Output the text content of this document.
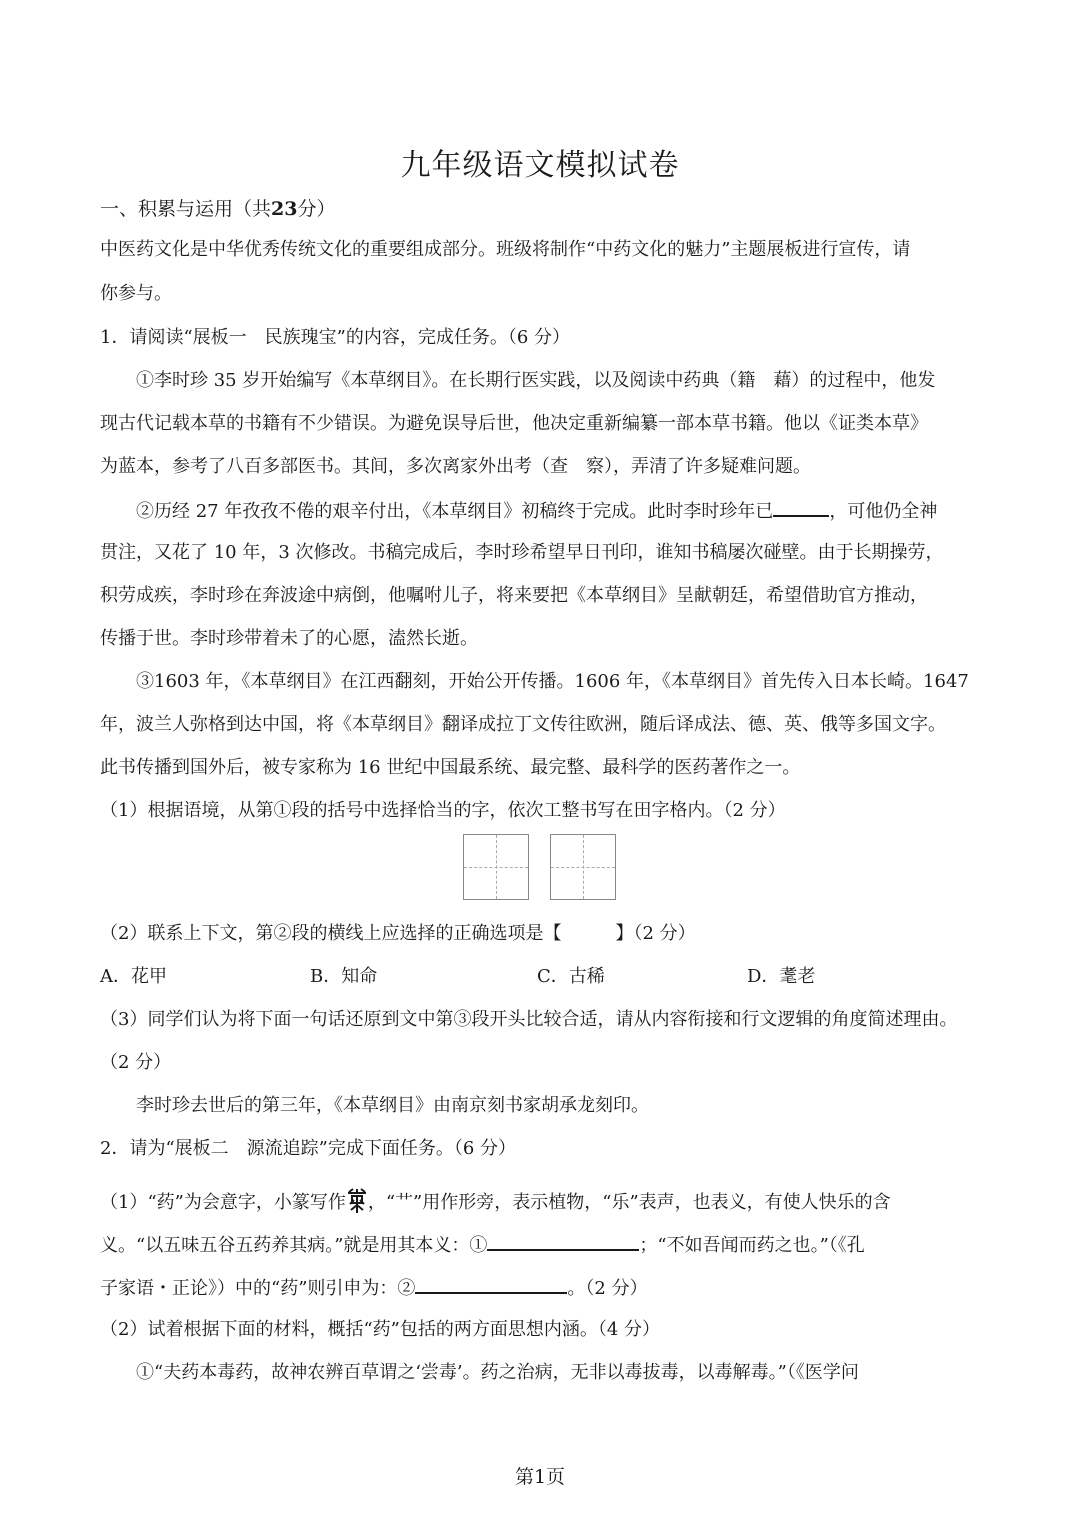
九年级语文模拟试卷
一、积累与运用（共23分）
中医药文化是中华优秀传统文化的重要组成部分。班级将制作“中药文化的魅力”主题展板进行宣传，请
你参与。
1．请阅读“展板一　民族瑰宝”的内容，完成任务。（6 分）
①李时珍 35 岁开始编写《本草纲目》。在长期行医实践，以及阅读中药典（籍　藉）的过程中，他发
现古代记载本草的书籍有不少错误。为避免误导后世，他决定重新编纂一部本草书籍。他以《证类本草》
为蓝本，参考了八百多部医书。其间，多次离家外出考（查　察），弄清了许多疑难问题。
②历经 27 年孜孜不倦的艰辛付出，《本草纲目》初稿终于完成。此时李时珍年已	，可他仍全神
贯注，又花了 10 年，3 次修改。书稿完成后，李时珍希望早日刊印，谁知书稿屡次碰壁。由于长期操劳，
积劳成疾，李时珍在奔波途中病倒，他嘱咐儿子，将来要把《本草纲目》呈献朝廷，希望借助官方推动，
传播于世。李时珍带着未了的心愿，溘然长逝。
③1603 年，《本草纲目》在江西翻刻，开始公开传播。1606 年，《本草纲目》首先传入日本长崎。1647
年，波兰人弥格到达中国，将《本草纲目》翻译成拉丁文传往欧洲，随后译成法、德、英、俄等多国文字。
此书传播到国外后，被专家称为 16 世纪中国最系统、最完整、最科学的医药著作之一。
（1）根据语境，从第①段的括号中选择恰当的字，依次工整书写在田字格内。（2 分）
（2）联系上下文，第②段的横线上应选择的正确选项是【　　　】（2 分）
A．花甲	B．知命	C．古稀	D．耄老
（3）同学们认为将下面一句话还原到文中第③段开头比较合适，请从内容衔接和行文逻辑的角度简述理由。
（2 分）
李时珍去世后的第三年，《本草纲目》由南京刻书家胡承龙刻印。
2．请为“展板二　源流追踪”完成下面任务。（6 分）
（1）“药”为会意字，小篆写作 ，“艹”用作形旁，表示植物，“乐”表声，也表义，有使人快乐的含
义。“以五味五谷五药养其病。”就是用其本义：①	；“不如吾闻而药之也。”（《孔
子家语・正论》）中的“药”则引申为：②	。（2 分）
（2）试着根据下面的材料，概括“药”包括的两方面思想内涵。（4 分）
①“夫药本毒药，故神农辨百草谓之‘尝毒’。药之治病，无非以毒拔毒，以毒解毒。”（《医学问
第1页
